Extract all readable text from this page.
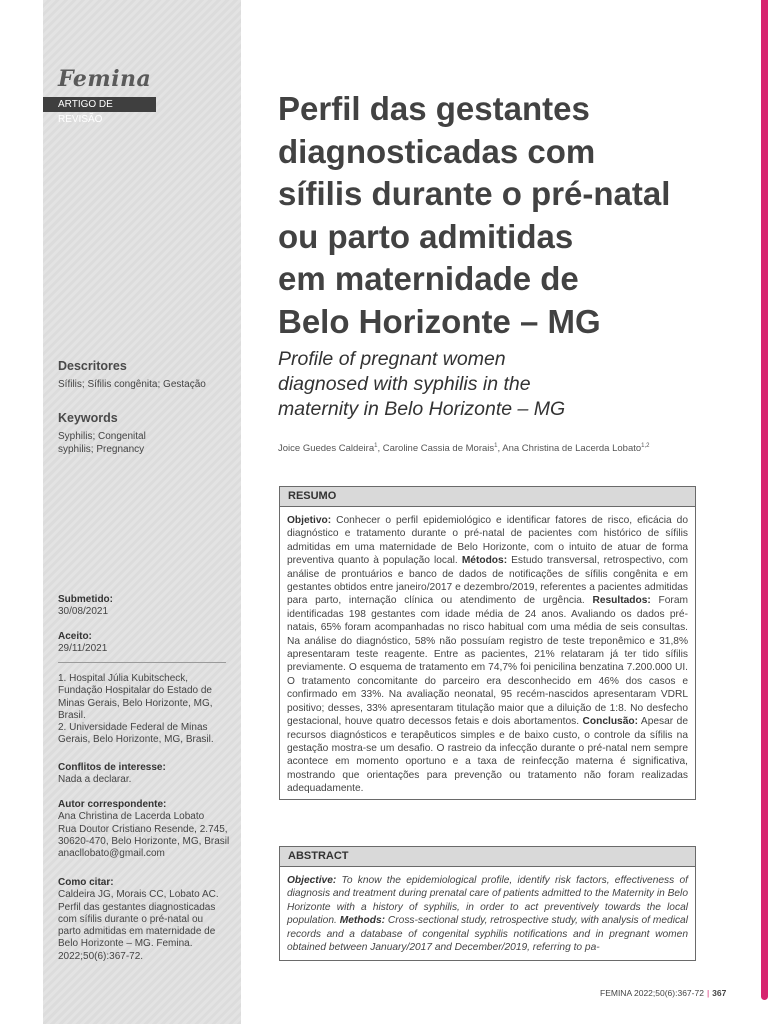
Femina
ARTIGO DE REVISÃO
Descritores
Sífilis; Sífilis congênita; Gestação
Keywords
Syphilis; Congenital syphilis; Pregnancy
Submetido:
30/08/2021
Aceito:
29/11/2021
1. Hospital Júlia Kubitscheck, Fundação Hospitalar do Estado de Minas Gerais, Belo Horizonte, MG, Brasil.
2. Universidade Federal de Minas Gerais, Belo Horizonte, MG, Brasil.
Conflitos de interesse:
Nada a declarar.
Autor correspondente:
Ana Christina de Lacerda Lobato
Rua Doutor Cristiano Resende, 2.745, 30620-470, Belo Horizonte, MG, Brasil
anacllobato@gmail.com
Como citar:
Caldeira JG, Morais CC, Lobato AC. Perfil das gestantes diagnosticadas com sífilis durante o pré-natal ou parto admitidas em maternidade de Belo Horizonte – MG. Femina. 2022;50(6):367-72.
Perfil das gestantes
diagnosticadas com
sífilis durante o pré-natal
ou parto admitidas
em maternidade de
Belo Horizonte – MG
Profile of pregnant women
diagnosed with syphilis in the
maternity in Belo Horizonte – MG
Joice Guedes Caldeira$^1$, Caroline Cassia de Morais$^1$, Ana Christina de Lacerda Lobato$^{1,2}$
RESUMO
Objetivo: Conhecer o perfil epidemiológico e identificar fatores de risco, eficácia do diagnóstico e tratamento durante o pré-natal de pacientes com histórico de sífilis admitidas em uma maternidade de Belo Horizonte, com o intuito de atuar de forma preventiva quanto à população local. Métodos: Estudo transversal, retrospectivo, com análise de prontuários e banco de dados de notificações de sífilis congênita e em gestantes obtidos entre janeiro/2017 e dezembro/2019, referentes a pacientes admitidas para parto, internação clínica ou atendimento de urgência. Resultados: Foram identificadas 198 gestantes com idade média de 24 anos. Avaliando os dados pré-natais, 65% foram acompanhadas no risco habitual com uma média de seis consultas. Na análise do diagnóstico, 58% não possuíam registro de teste treponêmico e 31,8% apresentaram teste reagente. Entre as pacientes, 21% relataram já ter tido sífilis previamente. O esquema de tratamento em 74,7% foi penicilina benzatina 7.200.000 UI. O tratamento concomitante do parceiro era desconhecido em 46% dos casos e confirmado em 33%. Na avaliação neonatal, 95 recém-nascidos apresentaram VDRL positivo; desses, 33% apresentaram titulação maior que a diluição de 1:8. No desfecho gestacional, houve quatro decessos fetais e dois abortamentos. Conclusão: Apesar de recursos diagnósticos e terapêuticos simples e de baixo custo, o controle da sífilis na gestação mostra-se um desafio. O rastreio da infecção durante o pré-natal nem sempre acontece em momento oportuno e a taxa de reinfecção materna é significativa, mostrando que orientações para prevenção ou tratamento não foram realizadas adequadamente.
ABSTRACT
Objective: To know the epidemiological profile, identify risk factors, effectiveness of diagnosis and treatment during prenatal care of patients admitted to the Maternity in Belo Horizonte with a history of syphilis, in order to act preventively towards the local population. Methods: Cross-sectional study, retrospective study, with analysis of medical records and a database of congenital syphilis notifications and in pregnant women obtained between January/2017 and December/2019, referring to pa-
FEMINA 2022;50(6):367-72 | 367
